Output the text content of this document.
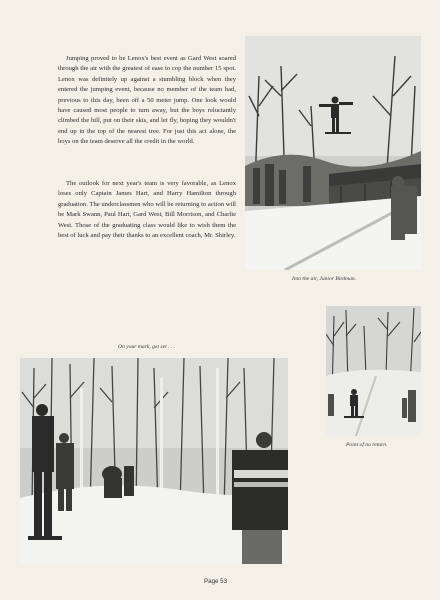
Jumping proved to be Lenox's best event as Gard West soared through the air with the greatest of ease to cop the number 15 spot. Lenox was definitely up against a stumbling block when they entered the jumping event, because no member of the team had, previous to this day, been off a 50 meter jump. One look would have caused most people to turn away, but the boys reluctantly climbed the hill, put on their skis, and let fly, hoping they wouldn't end up in the top of the nearest tree. For just this act alone, the boys on the team deserve all the credit in the world.

The outlook for next year's team is very favorable, as Lenox loses only Captain James Hart, and Harry Hamilton through graduation. The underclassmen who will be returning to action will be Mark Swann, Paul Hart, Gard West, Bill Morrison, and Charlie West. Those of the graduating class would like to wish them the best of luck and pay their thanks to an excellent coach, Mr. Shirley.

Into the air, Junior Birdman.
On your mark, get set . . .
Point of no return.
Page 53
